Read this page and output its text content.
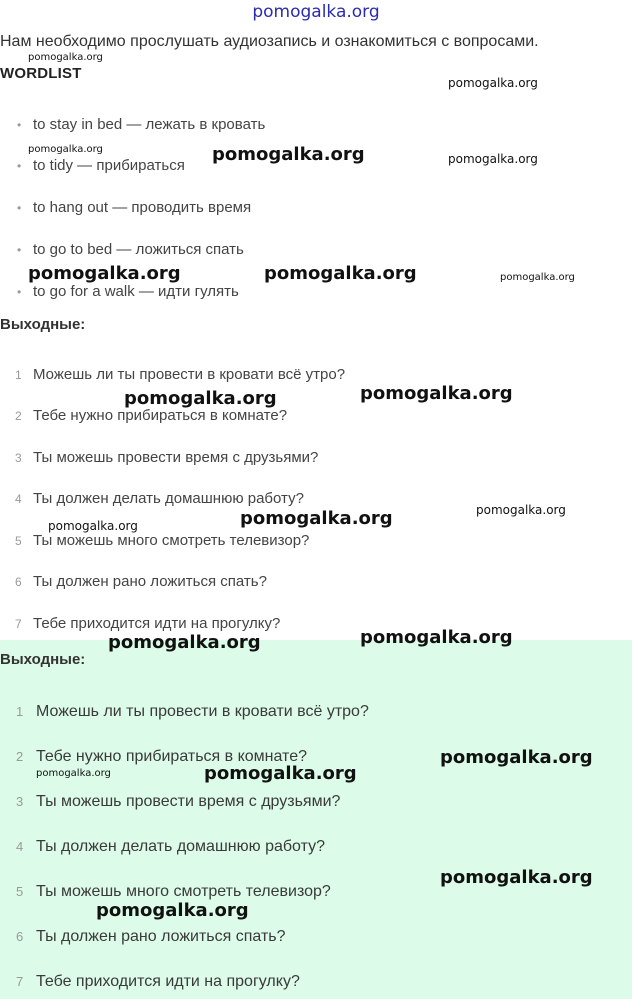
pomogalka.org
Нам необходимо прослушать аудиозапись и ознакомиться с вопросами.
WORDLIST
• to stay in bed — лежать в кровать
• to tidy — прибираться
• to hang out — проводить время
• to go to bed — ложиться спать
• to go for a walk — идти гулять
Выходные:
1 Можешь ли ты провести в кровати всё утро?
2 Тебе нужно прибираться в комнате?
3 Ты можешь провести время с друзьями?
4 Ты должен делать домашнюю работу?
5 Ты можешь много смотреть телевизор?
6 Ты должен рано ложиться спать?
7 Тебе приходится идти на прогулку?
Выходные:
1 Можешь ли ты провести в кровати всё утро?
2 Тебе нужно прибираться в комнате?
3 Ты можешь провести время с друзьями?
4 Ты должен делать домашнюю работу?
5 Ты можешь много смотреть телевизор?
6 Ты должен рано ложиться спать?
7 Тебе приходится идти на прогулку?
pomogalka.org
pomogalka.org
pomogalka.org	pomogalka.org	pomogalka.org
pomogalka.org	pomogalka.org	pomogalka.org
pomogalka.org	pomogalka.org
pomogalka.org	pomogalka.org	pomogalka.org
pomogalka.org	pomogalka.org
pomogalka.org
pomogalka.org	pomogalka.org
pomogalka.org
pomogalka.org
